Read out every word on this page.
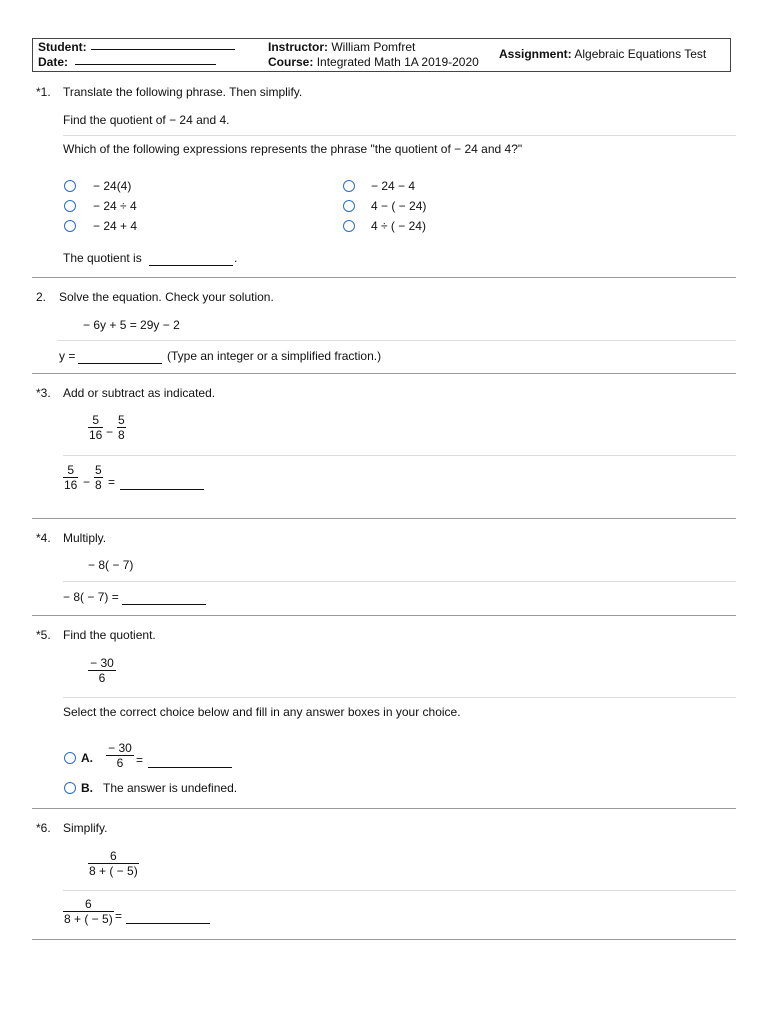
Student:
Date:
Instructor: William Pomfret
Course: Integrated Math 1A 2019-2020
Assignment: Algebraic Equations Test
*1. Translate the following phrase. Then simplify.
Find the quotient of − 24 and 4.
Which of the following expressions represents the phrase "the quotient of − 24 and 4?"
− 24(4)
− 24 ÷ 4
− 24 + 4
− 24 − 4
4 − ( − 24)
4 ÷ ( − 24)
The quotient is	.
2. Solve the equation. Check your solution.
− 6y + 5 = 29y − 2
y =	(Type an integer or a simplified fraction.)
*3. Add or subtract as indicated.
$\frac{5}{16} - \frac{5}{8}$
$\frac{5}{16} - \frac{5}{8}$ =
*4. Multiply.
− 8( − 7)
− 8( − 7) =
*5. Find the quotient.
$\frac{- 30}{6}$
Select the correct choice below and fill in any answer boxes in your choice.
A. $\frac{- 30}{6}$ =
B. The answer is undefined.
*6. Simplify.
$\frac{6}{8 + ( - 5)}$
$\frac{6}{8 + ( - 5)}$ =
